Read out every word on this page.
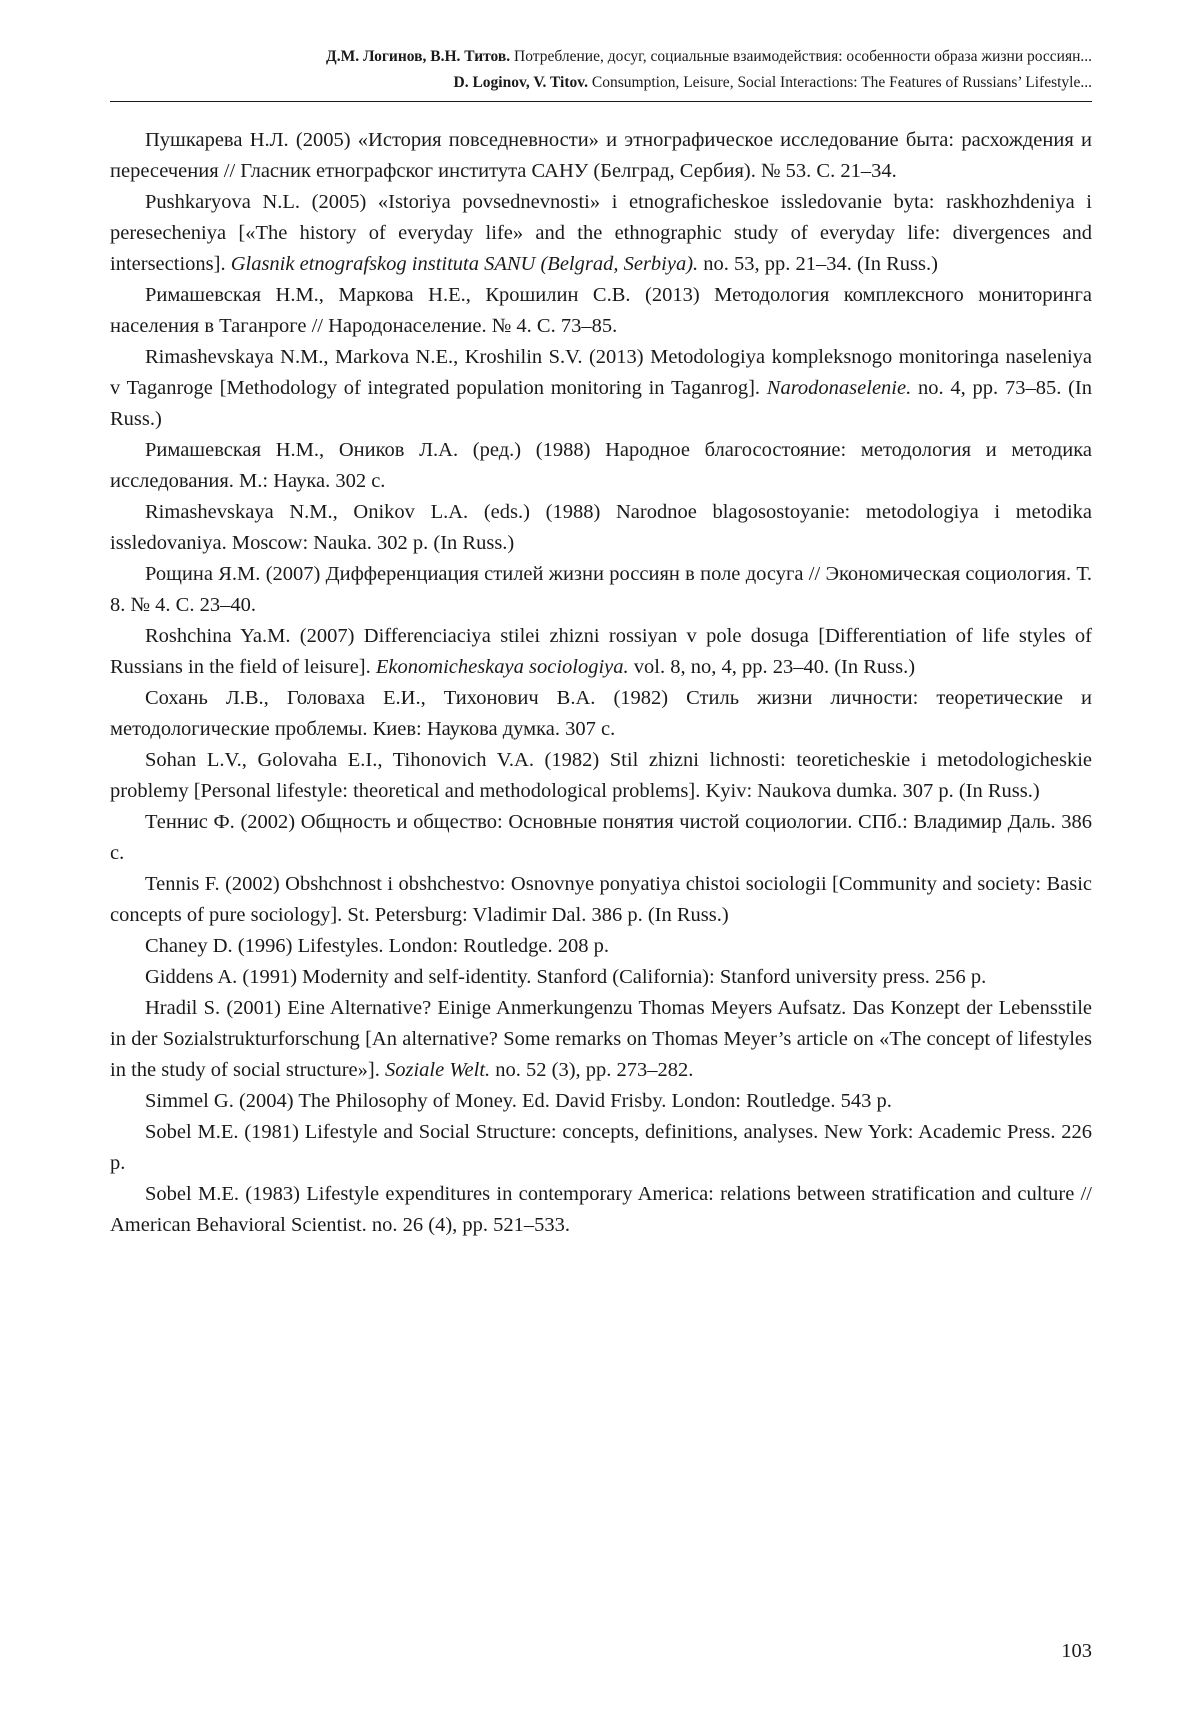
Д.М. Логинов, В.Н. Титов. Потребление, досуг, социальные взаимодействия: особенности образа жизни россиян...
D. Loginov, V. Titov. Consumption, Leisure, Social Interactions: The Features of Russians’ Lifestyle...

Пушкарева Н.Л. (2005) «История повседневности» и этнографическое исследование быта: расхождения и пересечения // Гласник етнографског института САНУ (Белград, Сербия). № 53. С. 21–34.

Pushkaryova N.L. (2005) «Istoriya povsednevnosti» i etnograficheskoe issledovanie byta: raskhozhdeniya i peresecheniya [«The history of everyday life» and the ethnographic study of everyday life: divergences and intersections]. Glasnik etnografskog instituta SANU (Belgrad, Serbiya). no. 53, pp. 21–34. (In Russ.)

Римашевская Н.М., Маркова Н.Е., Крошилин С.В. (2013) Методология комплексного мониторинга населения в Таганроге // Народонаселение. № 4. С. 73–85.

Rimashevskaya N.M., Markova N.E., Kroshilin S.V. (2013) Metodologiya kompleksnogo monitoringa naseleniya v Taganroge [Methodology of integrated population monitoring in Taganrog]. Narodonaselenie. no. 4, pp. 73–85. (In Russ.)

Римашевская Н.М., Оников Л.А. (ред.) (1988) Народное благосостояние: методология и методика исследования. М.: Наука. 302 с.

Rimashevskaya N.M., Onikov L.A. (eds.) (1988) Narodnoe blagosostoyanie: metodologiya i metodika issledovaniya. Moscow: Nauka. 302 p. (In Russ.)

Рощина Я.М. (2007) Дифференциация стилей жизни россиян в поле досуга // Экономическая социология. Т. 8. № 4. С. 23–40.

Roshchina Ya.M. (2007) Differenciaciya stilei zhizni rossiyan v pole dosuga [Differentiation of life styles of Russians in the field of leisure]. Ekonomicheskaya sociologiya. vol. 8, no, 4, pp. 23–40. (In Russ.)

Сохань Л.В., Головаха Е.И., Тихонович В.А. (1982) Стиль жизни личности: теоретические и методологические проблемы. Киев: Наукова думка. 307 с.

Sohan L.V., Golovaha E.I., Tihonovich V.A. (1982) Stil zhizni lichnosti: teoreticheskie i metodologicheskie problemy [Personal lifestyle: theoretical and methodological problems]. Kyiv: Naukova dumka. 307 p. (In Russ.)

Теннис Ф. (2002) Общность и общество: Основные понятия чистой социологии. СПб.: Владимир Даль. 386 с.

Tennis F. (2002) Obshchnost i obshchestvo: Osnovnye ponyatiya chistoi sociologii [Community and society: Basic concepts of pure sociology]. St. Petersburg: Vladimir Dal. 386 p. (In Russ.)

Chaney D. (1996) Lifestyles. London: Routledge. 208 p.

Giddens A. (1991) Modernity and self-identity. Stanford (California): Stanford university press. 256 p.

Hradil S. (2001) Eine Alternative? Einige Anmerkungenzu Thomas Meyers Aufsatz. Das Konzept der Lebensstile in der Sozialstrukturforschung [An alternative? Some remarks on Thomas Meyer’s article on «The concept of lifestyles in the study of social structure»]. Soziale Welt. no. 52 (3), pp. 273–282.

Simmel G. (2004) The Philosophy of Money. Ed. David Frisby. London: Routledge. 543 p.

Sobel M.E. (1981) Lifestyle and Social Structure: concepts, definitions, analyses. New York: Academic Press. 226 p.

Sobel M.E. (1983) Lifestyle expenditures in contemporary America: relations between stratification and culture // American Behavioral Scientist. no. 26 (4), pp. 521–533.

103
